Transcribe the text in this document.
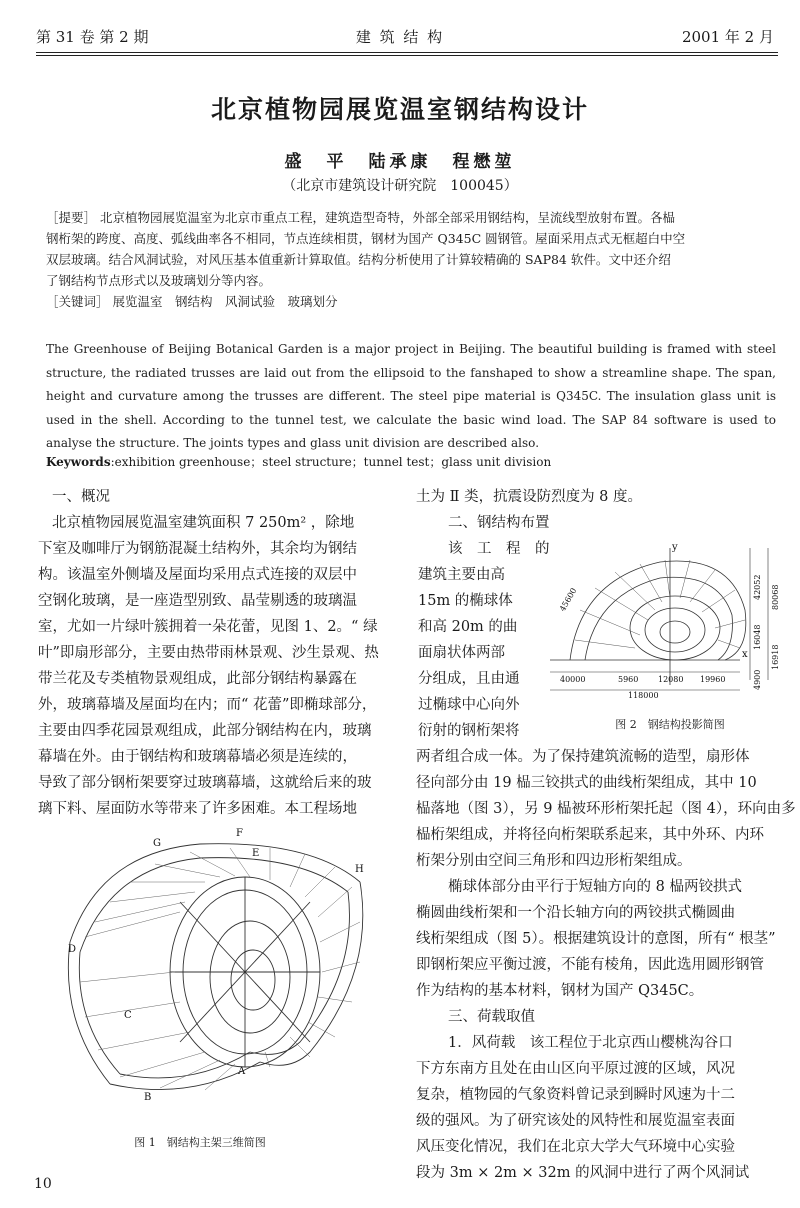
第 31 卷 第 2 期	建 筑 结 构	2001 年 2 月
北京植物园展览温室钢结构设计
盛　平　陆承康　程懋堃
（北京市建筑设计研究院　100045）
［提要］ 北京植物园展览温室为北京市重点工程，建筑造型奇特，外部全部采用钢结构，呈流线型放射布置。各榀
钢桁架的跨度、高度、弧线曲率各不相同，节点连续相贯，钢材为国产 Q345C 圆钢管。屋面采用点式无框超白中空
双层玻璃。结合风洞试验，对风压基本值重新计算取值。结构分析使用了计算较精确的 SAP84 软件。文中还介绍
了钢结构节点形式以及玻璃划分等内容。
［关键词］ 展览温室　钢结构　风洞试验　玻璃划分
The Greenhouse of Beijing Botanical Garden is a major project in Beijing. The beautiful building is framed with steel structure, the radiated trusses are laid out from the ellipsoid to the fanshaped to show a streamline shape. The span, height and curvature among the trusses are different. The steel pipe material is Q345C. The insulation glass unit is used in the shell. According to the tunnel test, we calculate the basic wind load. The SAP 84 software is used to analyse the structure. The joints types and glass unit division are described also.
Keywords:exhibition greenhouse；steel structure；tunnel test；glass unit division
一、概况
北京植物园展览温室建筑面积 7 250m² ，除地
下室及咖啡厅为钢筋混凝土结构外，其余均为钢结
构。该温室外侧墙及屋面均采用点式连接的双层中
空钢化玻璃，是一座造型别致、晶莹剔透的玻璃温
室，尤如一片绿叶簇拥着一朵花蕾，见图 1、2。“ 绿
叶”即扇形部分，主要由热带雨林景观、沙生景观、热
带兰花及专类植物景观组成，此部分钢结构暴露在
外，玻璃幕墙及屋面均在内；而“ 花蕾”即椭球部分，
主要由四季花园景观组成，此部分钢结构在内，玻璃
幕墙在外。由于钢结构和玻璃幕墙必须是连续的，
导致了部分钢桁架要穿过玻璃幕墙，这就给后来的玻
璃下料、屋面防水等带来了许多困难。本工程场地
G
F
E
H
D
C
A
B
图 1　钢结构主架三维简图
土为 Ⅱ 类，抗震设防烈度为 8 度。
二、钢结构布置
该　工　程　的
建筑主要由高
15m 的椭球体
和高 20m 的曲
面扇状体两部
分组成，且由通
过椭球中心向外
衍射的钢桁架将
y
x
40000	5960 12080 19960
118000
42052 80068
16048
16918
4900
45600
图 2　钢结构投影简图
两者组合成一体。为了保持建筑流畅的造型，扇形体
径向部分由 19 榀三铰拱式的曲线桁架组成，其中 10
榀落地（图 3），另 9 榀被环形桁架托起（图 4），环向由多
榀桁架组成，并将径向桁架联系起来，其中外环、内环
桁架分别由空间三角形和四边形桁架组成。
椭球体部分由平行于短轴方向的 8 榀两铰拱式
椭圆曲线桁架和一个沿长轴方向的两铰拱式椭圆曲
线桁架组成（图 5）。根据建筑设计的意图，所有“ 根茎”
即钢桁架应平衡过渡，不能有棱角，因此选用圆形钢管
作为结构的基本材料，钢材为国产 Q345C。
三、荷载取值
1．风荷载　该工程位于北京西山樱桃沟谷口
下方东南方且处在由山区向平原过渡的区域，风况
复杂，植物园的气象资料曾记录到瞬时风速为十二
级的强风。为了研究该处的风特性和展览温室表面
风压变化情况，我们在北京大学大气环境中心实验
段为 3m × 2m × 32m 的风洞中进行了两个风洞试
10
